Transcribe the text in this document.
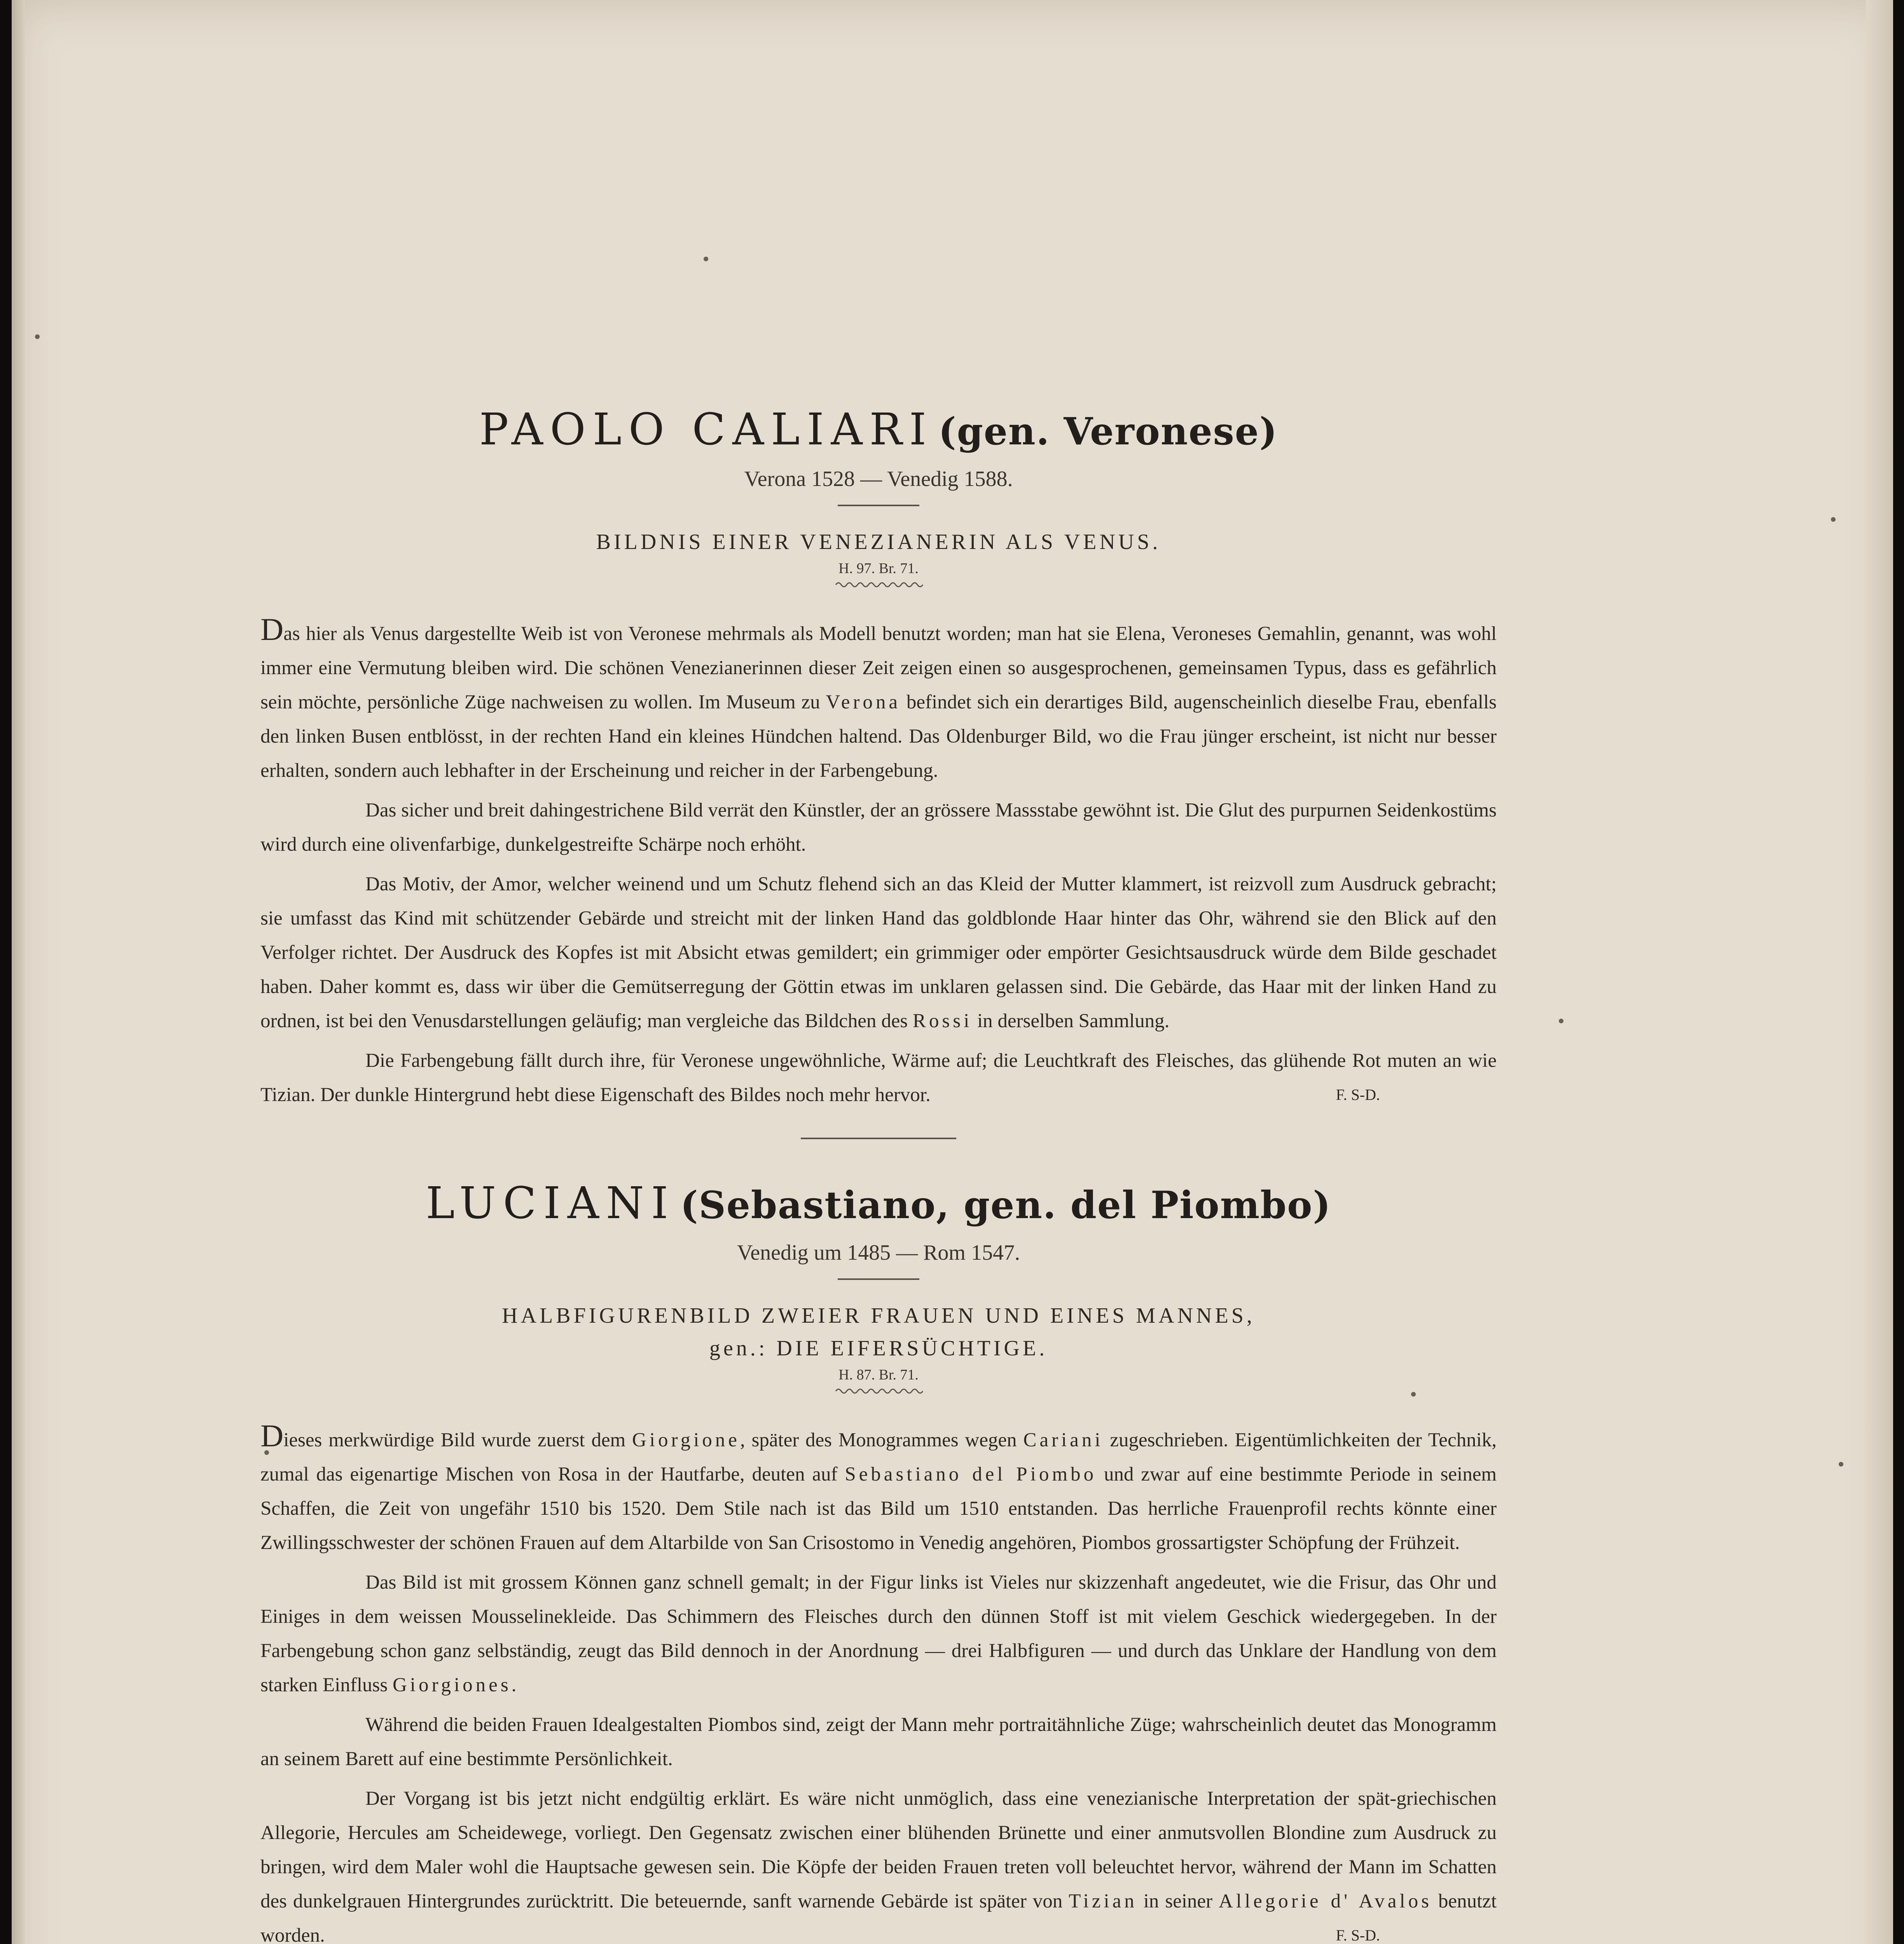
PAOLO CALIARI (gen. Veronese)
Verona 1528 — Venedig 1588.
BILDNIS EINER VENEZIANERIN ALS VENUS.
H. 97. Br. 71.

Das hier als Venus dargestellte Weib ist von Veronese mehrmals als Modell benutzt worden; man hat sie Elena, Veroneses Gemahlin, genannt, was wohl immer eine Vermutung bleiben wird. Die schönen Venezianerinnen dieser Zeit zeigen einen so ausgesprochenen, gemeinsamen Typus, dass es gefährlich sein möchte, persönliche Züge nachweisen zu wollen. Im Museum zu Verona befindet sich ein derartiges Bild, augenscheinlich dieselbe Frau, ebenfalls den linken Busen entblösst, in der rechten Hand ein kleines Hündchen haltend. Das Oldenburger Bild, wo die Frau jünger erscheint, ist nicht nur besser erhalten, sondern auch lebhafter in der Erscheinung und reicher in der Farbengebung.

Das sicher und breit dahingestrichene Bild verrät den Künstler, der an grössere Massstabe gewöhnt ist. Die Glut des purpurnen Seidenkostüms wird durch eine olivenfarbige, dunkelgestreifte Schärpe noch erhöht.

Das Motiv, der Amor, welcher weinend und um Schutz flehend sich an das Kleid der Mutter klammert, ist reizvoll zum Ausdruck gebracht; sie umfasst das Kind mit schützender Gebärde und streicht mit der linken Hand das goldblonde Haar hinter das Ohr, während sie den Blick auf den Verfolger richtet. Der Ausdruck des Kopfes ist mit Absicht etwas gemildert; ein grimmiger oder empörter Gesichtsausdruck würde dem Bilde geschadet haben. Daher kommt es, dass wir über die Gemütserregung der Göttin etwas im unklaren gelassen sind. Die Gebärde, das Haar mit der linken Hand zu ordnen, ist bei den Venusdarstellungen geläufig; man vergleiche das Bildchen des Rossi in derselben Sammlung.

Die Farbengebung fällt durch ihre, für Veronese ungewöhnliche, Wärme auf; die Leuchtkraft des Fleisches, das glühende Rot muten an wie Tizian. Der dunkle Hintergrund hebt diese Eigenschaft des Bildes noch mehr hervor.	F. S-D.

LUCIANI (Sebastiano, gen. del Piombo)
Venedig um 1485 — Rom 1547.
HALBFIGURENBILD ZWEIER FRAUEN UND EINES MANNES,
gen.: DIE EIFERSÜCHTIGE.
H. 87. Br. 71.

Dieses merkwürdige Bild wurde zuerst dem Giorgione, später des Monogrammes wegen Cariani zugeschrieben. Eigentümlichkeiten der Technik, zumal das eigenartige Mischen von Rosa in der Hautfarbe, deuten auf Sebastiano del Piombo und zwar auf eine bestimmte Periode in seinem Schaffen, die Zeit von ungefähr 1510 bis 1520. Dem Stile nach ist das Bild um 1510 entstanden. Das herrliche Frauenprofil rechts könnte einer Zwillingsschwester der schönen Frauen auf dem Altarbilde von San Crisostomo in Venedig angehören, Piombos grossartigster Schöpfung der Frühzeit.

Das Bild ist mit grossem Können ganz schnell gemalt; in der Figur links ist Vieles nur skizzenhaft angedeutet, wie die Frisur, das Ohr und Einiges in dem weissen Mousselinekleide. Das Schimmern des Fleisches durch den dünnen Stoff ist mit vielem Geschick wiedergegeben. In der Farbengebung schon ganz selbständig, zeugt das Bild dennoch in der Anordnung — drei Halbfiguren — und durch das Unklare der Handlung von dem starken Einfluss Giorgiones.

Während die beiden Frauen Idealgestalten Piombos sind, zeigt der Mann mehr portraitähnliche Züge; wahrscheinlich deutet das Monogramm an seinem Barett auf eine bestimmte Persönlichkeit.

Der Vorgang ist bis jetzt nicht endgültig erklärt. Es wäre nicht unmöglich, dass eine venezianische Interpretation der spät-griechischen Allegorie, Hercules am Scheidewege, vorliegt. Den Gegensatz zwischen einer blühenden Brünette und einer anmutsvollen Blondine zum Ausdruck zu bringen, wird dem Maler wohl die Hauptsache gewesen sein. Die Köpfe der beiden Frauen treten voll beleuchtet hervor, während der Mann im Schatten des dunkelgrauen Hintergrundes zurücktritt. Die beteuernde, sanft warnende Gebärde ist später von Tizian in seiner Allegorie d' Avalos benutzt worden.	F. S-D.
